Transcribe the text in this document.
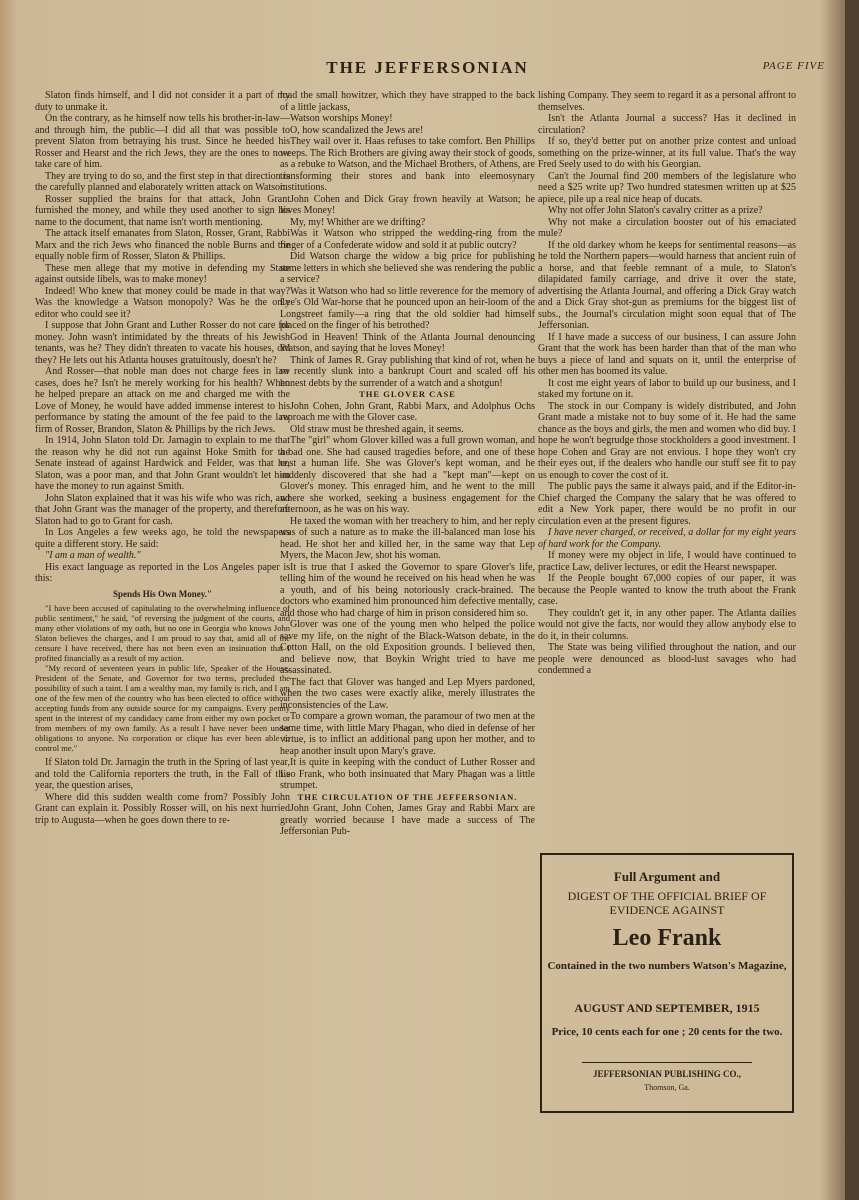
THE JEFFERSONIAN	PAGE FIVE

Slaton finds himself, and I did not consider it a part of my duty to unmake it.

On the contrary, as he himself now tells his brother-in-law—and through him, the public—I did all that was possible to prevent Slaton from betraying his trust. Since he heeded his Rosser and Hearst and the rich Jews, they are the ones to now take care of him.

They are trying to do so, and the first step in that direction is the carefully planned and elaborately written attack on Watson.

Rosser supplied the brains for that attack, John Grant furnished the money, and while they used another to sign his name to the document, that name isn't worth mentioning.

The attack itself emanates from Slaton, Rosser, Grant, Rabbi Marx and the rich Jews who financed the noble Burns and the equally noble firm of Rosser, Slaton & Phillips.

These men allege that my motive in defending my State against outside libels, was to make money!

Indeed! Who knew that money could be made in that way? Was the knowledge a Watson monopoly? Was he the only editor who could see it?

I suppose that John Grant and Luther Rosser do not care for money. John wasn't intimidated by the threats of his Jewish tenants, was he? They didn't threaten to vacate his houses, did they? He lets out his Atlanta houses gratuitously, doesn't he?

And Rosser—that noble man does not charge fees in law cases, does he? Isn't he merely working for his health? When he helped prepare an attack on me and charged me with the Love of Money, he would have added immense interest to his performance by stating the amount of the fee paid to the law firm of Rosser, Brandon, Slaton & Phillips by the rich Jews.

In 1914, John Slaton told Dr. Jarnagin to explain to me that the reason why he did not run against Hoke Smith for the Senate instead of against Hardwick and Felder, was that he, Slaton, was a poor man, and that John Grant wouldn't let him have the money to run against Smith.

John Slaton explained that it was his wife who was rich, and that John Grant was the manager of the property, and therefore Slaton had to go to Grant for cash.

In Los Angeles a few weeks ago, he told the newspapers quite a different story. He said:

"I am a man of wealth."

His exact language as reported in the Los Angeles paper is this:

Spends His Own Money."

"I have been accused of capitulating to the overwhelming influence of public sentiment," he said, "of reversing the judgment of the courts, and many other violations of my oath, but no one in Georgia who knows John Slaton believes the charges, and I am proud to say that, amid all of the censure I have received, there has not been even an insinuation that I profited financially as a result of my action.

"My record of seventeen years in public life, Speaker of the House, President of the Senate, and Governor for two terms, precluded the possibility of such a taint. I am a wealthy man, my family is rich, and I am one of the few men of the country who has been elected to office without accepting funds from any outside source for my campaigns. Every penny spent in the interest of my candidacy came from either my own pocket or from members of my own family. As a result I have never been under obligations to anyone. No corporation or clique has ever been able to control me."

If Slaton told Dr. Jarnagin the truth in the Spring of last year, and told the California reporters the truth, in the Fall of this year, the question arises,

Where did this sudden wealth come from? Possibly John Grant can explain it. Possibly Rosser will, on his next hurried trip to Augusta—when he goes down there to re-

load the small howitzer, which they have strapped to the back of a little jackass,

Watson worships Money!

O, how scandalized the Jews are!

They wail over it. Haas refuses to take comfort. Ben Phillips weeps. The Rich Brothers are giving away their stock of goods, as a rebuke to Watson, and the Michael Brothers, of Athens, are transforming their stores and bank into eleemosynary institutions.

John Cohen and Dick Gray frown heavily at Watson; he loves Money!

My, my! Whither are we drifting?

Was it Watson who stripped the wedding-ring from the finger of a Confederate widow and sold it at public outcry?

Did Watson charge the widow a big price for publishing some letters in which she believed she was rendering the public a service?

Was it Watson who had so little reverence for the memory of Lee's Old War-horse that he pounced upon an heir-loom of the Longstreet family—a ring that the old soldier had himself placed on the finger of his betrothed?

God in Heaven! Think of the Atlanta Journal denouncing Watson, and saying that he loves Money!

Think of James R. Gray publishing that kind of rot, when he so recently slunk into a bankrupt Court and scaled off his honest debts by the surrender of a watch and a shotgun!

THE GLOVER CASE

John Cohen, John Grant, Rabbi Marx, and Adolphus Ochs reproach me with the Glover case.

Old straw must be threshed again, it seems.

The "girl" whom Glover killed was a full grown woman, and a bad one. She had caused tragedies before, and one of these cost a human life. She was Glover's kept woman, and he suddenly discovered that she had a "kept man"—kept on Glover's money. This enraged him, and he went to the mill where she worked, seeking a business engagement for the afternoon, as he was on his way.

He taxed the woman with her treachery to him, and her reply was of such a nature as to make the ill-balanced man lose his head. He shot her and killed her, in the same way that Lep Myers, the Macon Jew, shot his woman.

It is true that I asked the Governor to spare Glover's life, telling him of the wound he received on his head when he was a youth, and of his being notoriously crack-brained. The doctors who examined him pronounced him defective mentally, and those who had charge of him in prison considered him so.

Glover was one of the young men who helped the police save my life, on the night of the Black-Watson debate, in the Cotton Hall, on the old Exposition grounds. I believed then, and believe now, that Boykin Wright tried to have me assassinated.

The fact that Glover was hanged and Lep Myers pardoned, when the two cases were exactly alike, merely illustrates the inconsistencies of the Law.

To compare a grown woman, the paramour of two men at the same time, with little Mary Phagan, who died in defense of her virtue, is to inflict an additional pang upon her mother, and to heap another insult upon Mary's grave.

It is quite in keeping with the conduct of Luther Rosser and Leo Frank, who both insinuated that Mary Phagan was a little strumpet.

THE CIRCULATION OF THE JEFFERSONIAN.

John Grant, John Cohen, James Gray and Rabbi Marx are greatly worried because I have made a success of The Jeffersonian Pub-

lishing Company. They seem to regard it as a personal affront to themselves.

Isn't the Atlanta Journal a success? Has it declined in circulation?

If so, they'd better put on another prize contest and unload something on the prize-winner, at its full value. That's the way Fred Seely used to do with his Georgian.

Can't the Journal find 200 members of the legislature who need a $25 write up? Two hundred statesmen written up at $25 apiece, pile up a real nice heap of ducats.

Why not offer John Slaton's cavalry critter as a prize?

Why not make a circulation booster out of his emaciated mule?

If the old darkey whom he keeps for sentimental reasons—as he told the Northern papers—would harness that ancient ruin of a horse, and that feeble remnant of a mule, to Slaton's dilapidated family carriage, and drive it over the state, advertising the Atlanta Journal, and offering a Dick Gray watch and a Dick Gray shot-gun as premiums for the biggest list of subs., the Journal's circulation might soon equal that of The Jeffersonian.

If I have made a success of our business, I can assure John Grant that the work has been harder than that of the man who buys a piece of land and squats on it, until the enterprise of other men has boomed its value.

It cost me eight years of labor to build up our business, and I staked my fortune on it.

The stock in our Company is widely distributed, and John Grant made a mistake not to buy some of it. He had the same chance as the boys and girls, the men and women who did buy. I hope he won't begrudge those stockholders a good investment. I hope Cohen and Gray are not envious. I hope they won't cry their eyes out, if the dealers who handle our stuff see fit to pay us enough to cover the cost of it.

The public pays the same it always paid, and if the Editor-in-Chief charged the Company the salary that he was offered to edit a New York paper, there would be no profit in our circulation even at the present figures.

I have never charged, or received, a dollar for my eight years of hard work for the Company.

If money were my object in life, I would have continued to practice Law, deliver lectures, or edit the Hearst newspaper.

If the People bought 67,000 copies of our paper, it was because the People wanted to know the truth about the Frank case.

They couldn't get it, in any other paper. The Atlanta dailies would not give the facts, nor would they allow anybody else to do it, in their columns.

The State was being vilified throughout the nation, and our people were denounced as blood-lust savages who had condemned a

Full Argument and
DIGEST OF THE OFFICIAL BRIEF OF EVIDENCE AGAINST
Leo Frank
Contained in the two numbers Watson's Magazine,
AUGUST AND SEPTEMBER, 1915
Price, 10 cents each for one ; 20 cents for the two.
JEFFERSONIAN PUBLISHING CO.,
Thomson, Ga.
